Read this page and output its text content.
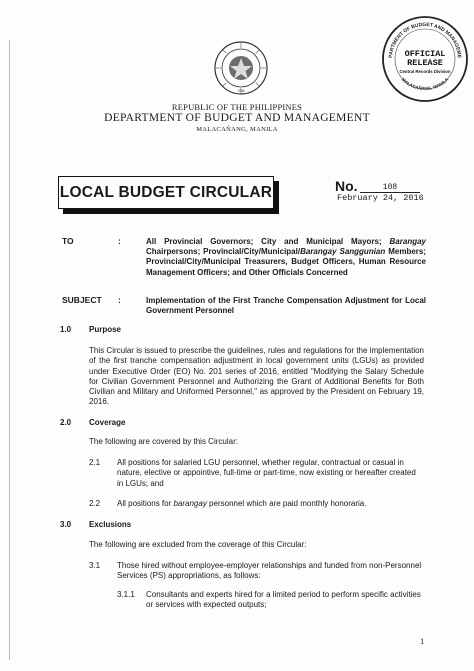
1936
PARTMENT OF BUDGET AND MANAGEME
MALACAÑANG, MANILA
OFFICIAL
RELEASE
Central Records Division
REPUBLIC OF THE PHILIPPINES
DEPARTMENT OF BUDGET AND MANAGEMENT
MALACAÑANG, MANILA
LOCAL BUDGET CIRCULAR	No.	108
February 24, 2016
TO	:	All Provincial Governors; City and Municipal Mayors; Barangay Chairpersons; Provincial/City/Municipal/Barangay Sanggunian Members; Provincial/City/Municipal Treasurers, Budget Officers, Human Resource Management Officers; and Other Officials Concerned
SUBJECT :	Implementation of the First Tranche Compensation Adjustment for Local Government Personnel
1.0 Purpose
This Circular is issued to prescribe the guidelines, rules and regulations for the implementation of the first tranche compensation adjustment in local government units (LGUs) as provided under Executive Order (EO) No. 201 series of 2016, entitled "Modifying the Salary Schedule for Civilian Government Personnel and Authorizing the Grant of Additional Benefits for Both Civilian and Military and Uniformed Personnel," as approved by the President on February 19, 2016.
2.0 Coverage
The following are covered by this Circular:
2.1 All positions for salaried LGU personnel, whether regular, contractual or casual in nature, elective or appointive, full-time or part-time, now existing or hereafter created in LGUs; and
2.2 All positions for barangay personnel which are paid monthly honoraria.
3.0 Exclusions
The following are excluded from the coverage of this Circular:
3.1 Those hired without employee-employer relationships and funded from non-Personnel Services (PS) appropriations, as follows:
3.1.1 Consultants and experts hired for a limited period to perform specific activities or services with expected outputs;
1
